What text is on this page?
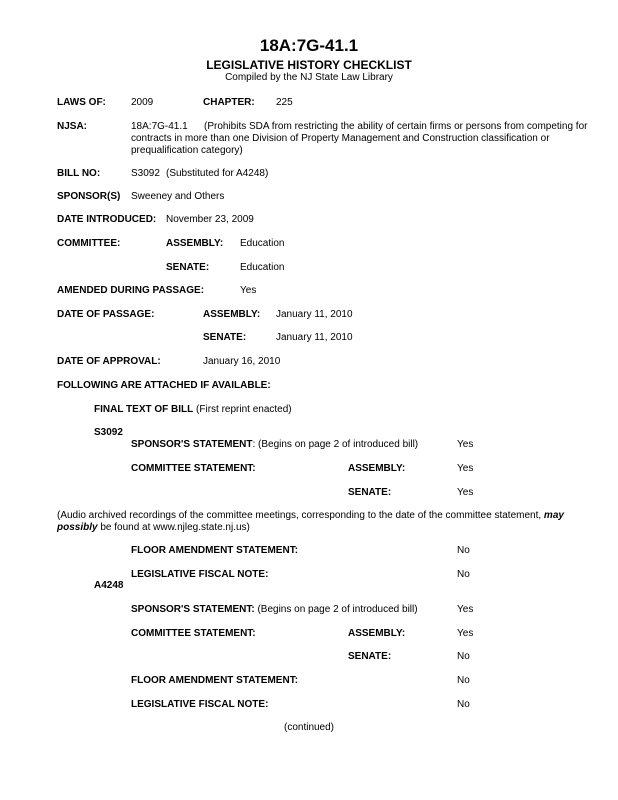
18A:7G-41.1
LEGISLATIVE HISTORY CHECKLIST
Compiled by the NJ State Law Library
LAWS OF:	2009	CHAPTER: 225
NJSA:	18A:7G-41.1	(Prohibits SDA from restricting the ability of certain firms or persons from competing for contracts in more than one Division of Property Management and Construction classification or prequalification category)
BILL NO:	S3092 (Substituted for A4248)
SPONSOR(S) Sweeney and Others
DATE INTRODUCED: November 23, 2009
COMMITTEE:	ASSEMBLY: Education
SENATE:	Education
AMENDED DURING PASSAGE:	Yes
DATE OF PASSAGE:	ASSEMBLY: January 11, 2010
SENATE:	January 11, 2010
DATE OF APPROVAL:	January 16, 2010
FOLLOWING ARE ATTACHED IF AVAILABLE:
FINAL TEXT OF BILL (First reprint enacted)
S3092
SPONSOR'S STATEMENT: (Begins on page 2 of introduced bill)	Yes
COMMITTEE STATEMENT:	ASSEMBLY:	Yes
SENATE:	Yes
(Audio archived recordings of the committee meetings, corresponding to the date of the committee statement, may possibly be found at www.njleg.state.nj.us)
FLOOR AMENDMENT STATEMENT:	No
LEGISLATIVE FISCAL NOTE:	No
A4248
SPONSOR'S STATEMENT: (Begins on page 2 of introduced bill)	Yes
COMMITTEE STATEMENT:	ASSEMBLY:	Yes
SENATE:	No
FLOOR AMENDMENT STATEMENT:	No
LEGISLATIVE FISCAL NOTE:	No
(continued)
